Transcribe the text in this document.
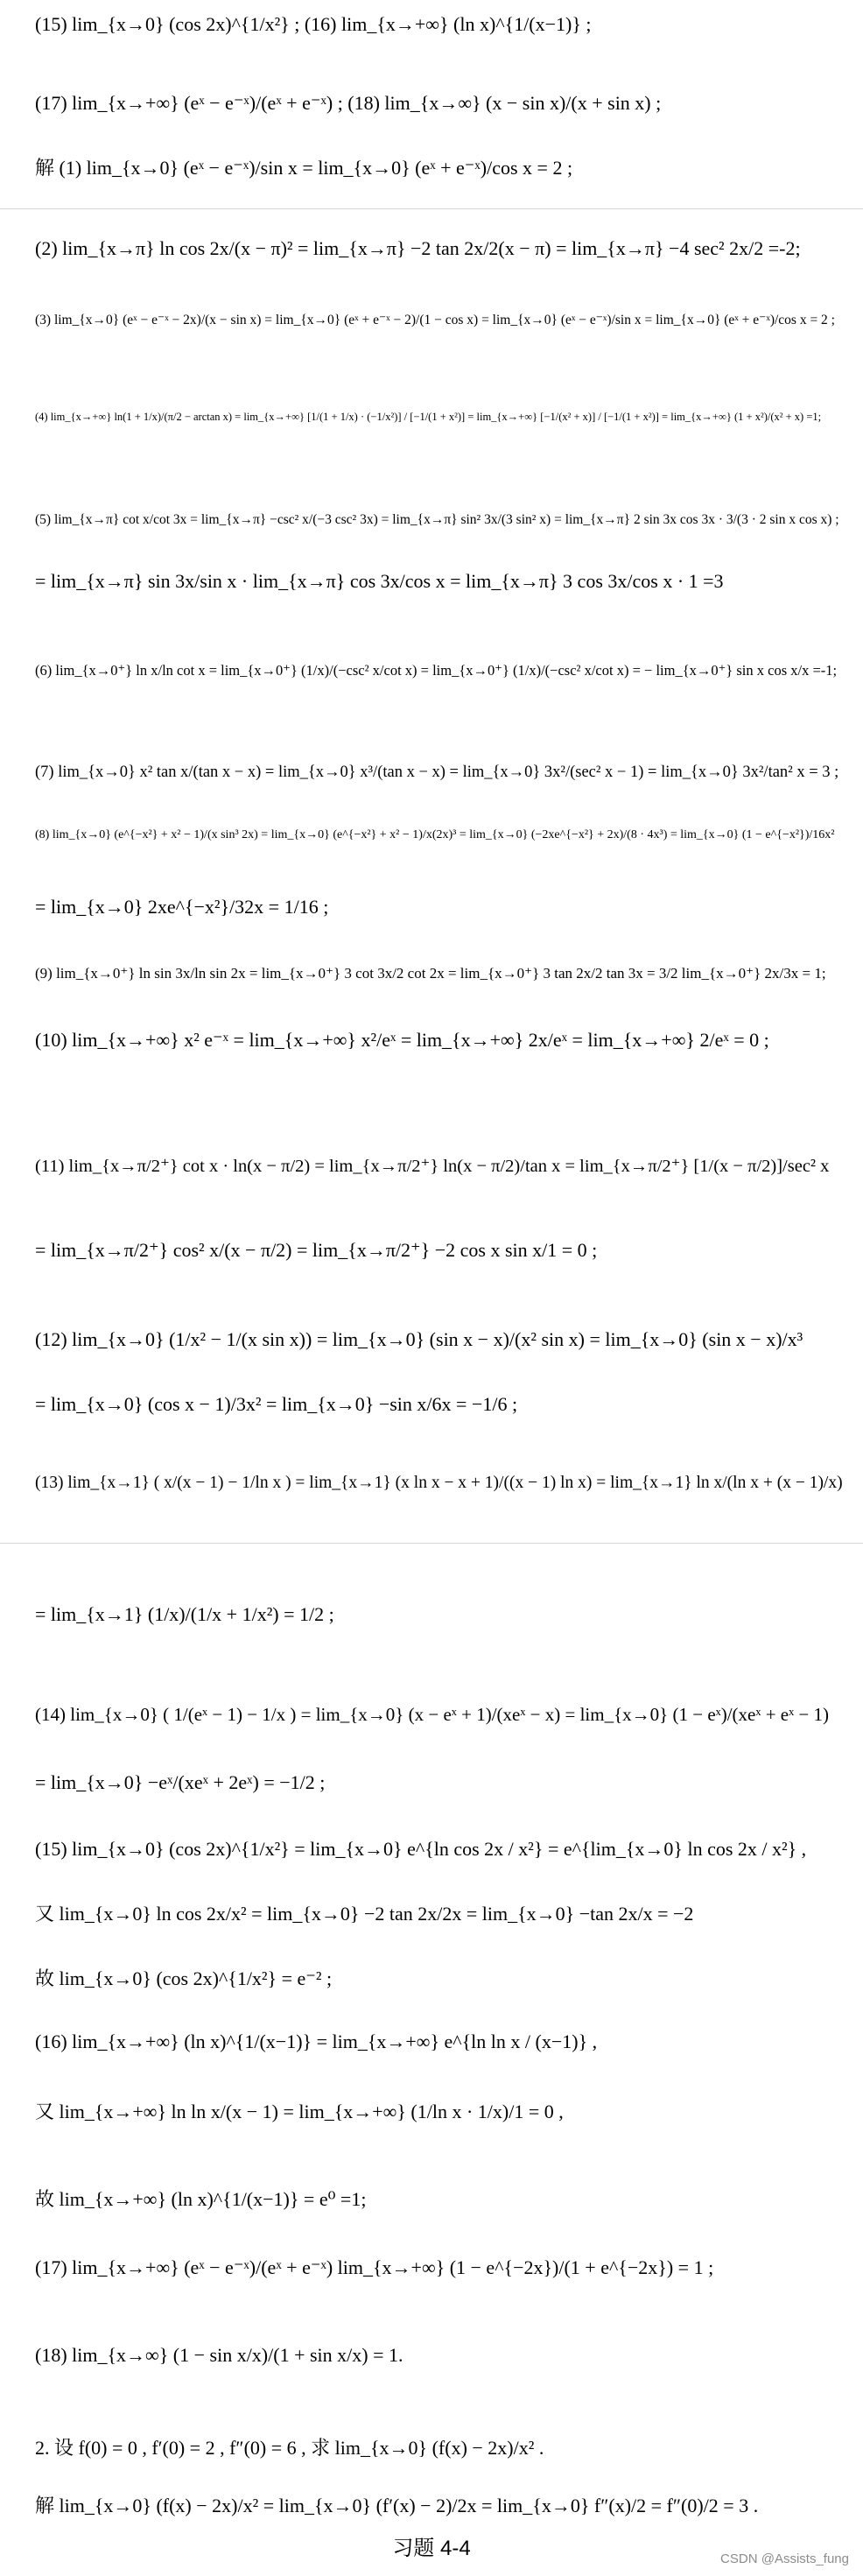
(15) lim_{x→0} (cos 2x)^{1/x²} ; (16) lim_{x→+∞} (ln x)^{1/(x−1)} ;
(17) lim_{x→+∞} (eˣ − e⁻ˣ)/(eˣ + e⁻ˣ) ; (18) lim_{x→∞} (x − sin x)/(x + sin x) ;
解 (1) lim_{x→0} (eˣ − e⁻ˣ)/sin x = lim_{x→0} (eˣ + e⁻ˣ)/cos x = 2 ;
(2) lim_{x→π} ln cos 2x/(x − π)² = lim_{x→π} −2 tan 2x/2(x − π) = lim_{x→π} −4 sec² 2x/2 =-2;
(3) lim_{x→0} (eˣ − e⁻ˣ − 2x)/(x − sin x) = lim_{x→0} (eˣ + e⁻ˣ − 2)/(1 − cos x) = lim_{x→0} (eˣ − e⁻ˣ)/sin x = lim_{x→0} (eˣ + e⁻ˣ)/cos x = 2 ;
(4) lim_{x→+∞} ln(1 + 1/x)/(π/2 − arctan x) = lim_{x→+∞} [1/(1 + 1/x) · (−1/x²)] / [−1/(1 + x²)] = lim_{x→+∞} [−1/(x² + x)] / [−1/(1 + x²)] = lim_{x→+∞} (1 + x²)/(x² + x) =1;
(5) lim_{x→π} cot x/cot 3x = lim_{x→π} −csc² x/(−3 csc² 3x) = lim_{x→π} sin² 3x/(3 sin² x) = lim_{x→π} 2 sin 3x cos 3x · 3/(3 · 2 sin x cos x) ;
= lim_{x→π} sin 3x/sin x · lim_{x→π} cos 3x/cos x = lim_{x→π} 3 cos 3x/cos x · 1 =3
(6) lim_{x→0⁺} ln x/ln cot x = lim_{x→0⁺} (1/x)/(−csc² x/cot x) = lim_{x→0⁺} (1/x)/(−csc² x/cot x) = − lim_{x→0⁺} sin x cos x/x =-1;
(7) lim_{x→0} x² tan x/(tan x − x) = lim_{x→0} x³/(tan x − x) = lim_{x→0} 3x²/(sec² x − 1) = lim_{x→0} 3x²/tan² x = 3 ;
(8) lim_{x→0} (e^{−x²} + x² − 1)/(x sin³ 2x) = lim_{x→0} (e^{−x²} + x² − 1)/x(2x)³ = lim_{x→0} (−2xe^{−x²} + 2x)/(8 · 4x³) = lim_{x→0} (1 − e^{−x²})/16x²
= lim_{x→0} 2xe^{−x²}/32x = 1/16 ;
(9) lim_{x→0⁺} ln sin 3x/ln sin 2x = lim_{x→0⁺} 3 cot 3x/2 cot 2x = lim_{x→0⁺} 3 tan 2x/2 tan 3x = 3/2 lim_{x→0⁺} 2x/3x = 1;
(10) lim_{x→+∞} x² e⁻ˣ = lim_{x→+∞} x²/eˣ = lim_{x→+∞} 2x/eˣ = lim_{x→+∞} 2/eˣ = 0 ;
(11) lim_{x→π/2⁺} cot x · ln(x − π/2) = lim_{x→π/2⁺} ln(x − π/2)/tan x = lim_{x→π/2⁺} [1/(x − π/2)]/sec² x
= lim_{x→π/2⁺} cos² x/(x − π/2) = lim_{x→π/2⁺} −2 cos x sin x/1 = 0 ;
(12) lim_{x→0} (1/x² − 1/(x sin x)) = lim_{x→0} (sin x − x)/(x² sin x) = lim_{x→0} (sin x − x)/x³
= lim_{x→0} (cos x − 1)/3x² = lim_{x→0} −sin x/6x = −1/6 ;
(13) lim_{x→1} ( x/(x − 1) − 1/ln x ) = lim_{x→1} (x ln x − x + 1)/((x − 1) ln x) = lim_{x→1} ln x/(ln x + (x − 1)/x)
= lim_{x→1} (1/x)/(1/x + 1/x²) = 1/2 ;
(14) lim_{x→0} ( 1/(eˣ − 1) − 1/x ) = lim_{x→0} (x − eˣ + 1)/(xeˣ − x) = lim_{x→0} (1 − eˣ)/(xeˣ + eˣ − 1)
= lim_{x→0} −eˣ/(xeˣ + 2eˣ) = −1/2 ;
(15) lim_{x→0} (cos 2x)^{1/x²} = lim_{x→0} e^{ln cos 2x / x²} = e^{lim_{x→0} ln cos 2x / x²} ,
又 lim_{x→0} ln cos 2x/x² = lim_{x→0} −2 tan 2x/2x = lim_{x→0} −tan 2x/x = −2
故 lim_{x→0} (cos 2x)^{1/x²} = e⁻² ;
(16) lim_{x→+∞} (ln x)^{1/(x−1)} = lim_{x→+∞} e^{ln ln x / (x−1)} ,
又 lim_{x→+∞} ln ln x/(x − 1) = lim_{x→+∞} (1/ln x · 1/x)/1 = 0 ,
故 lim_{x→+∞} (ln x)^{1/(x−1)} = e⁰ =1;
(17) lim_{x→+∞} (eˣ − e⁻ˣ)/(eˣ + e⁻ˣ) lim_{x→+∞} (1 − e^{−2x})/(1 + e^{−2x}) = 1 ;
(18) lim_{x→∞} (1 − sin x/x)/(1 + sin x/x) = 1.
2. 设 f(0) = 0 , f′(0) = 2 , f″(0) = 6 , 求 lim_{x→0} (f(x) − 2x)/x² .
解 lim_{x→0} (f(x) − 2x)/x² = lim_{x→0} (f′(x) − 2)/2x = lim_{x→0} f″(x)/2 = f″(0)/2 = 3 .
习题 4-4	CSDN @Assists_fung
